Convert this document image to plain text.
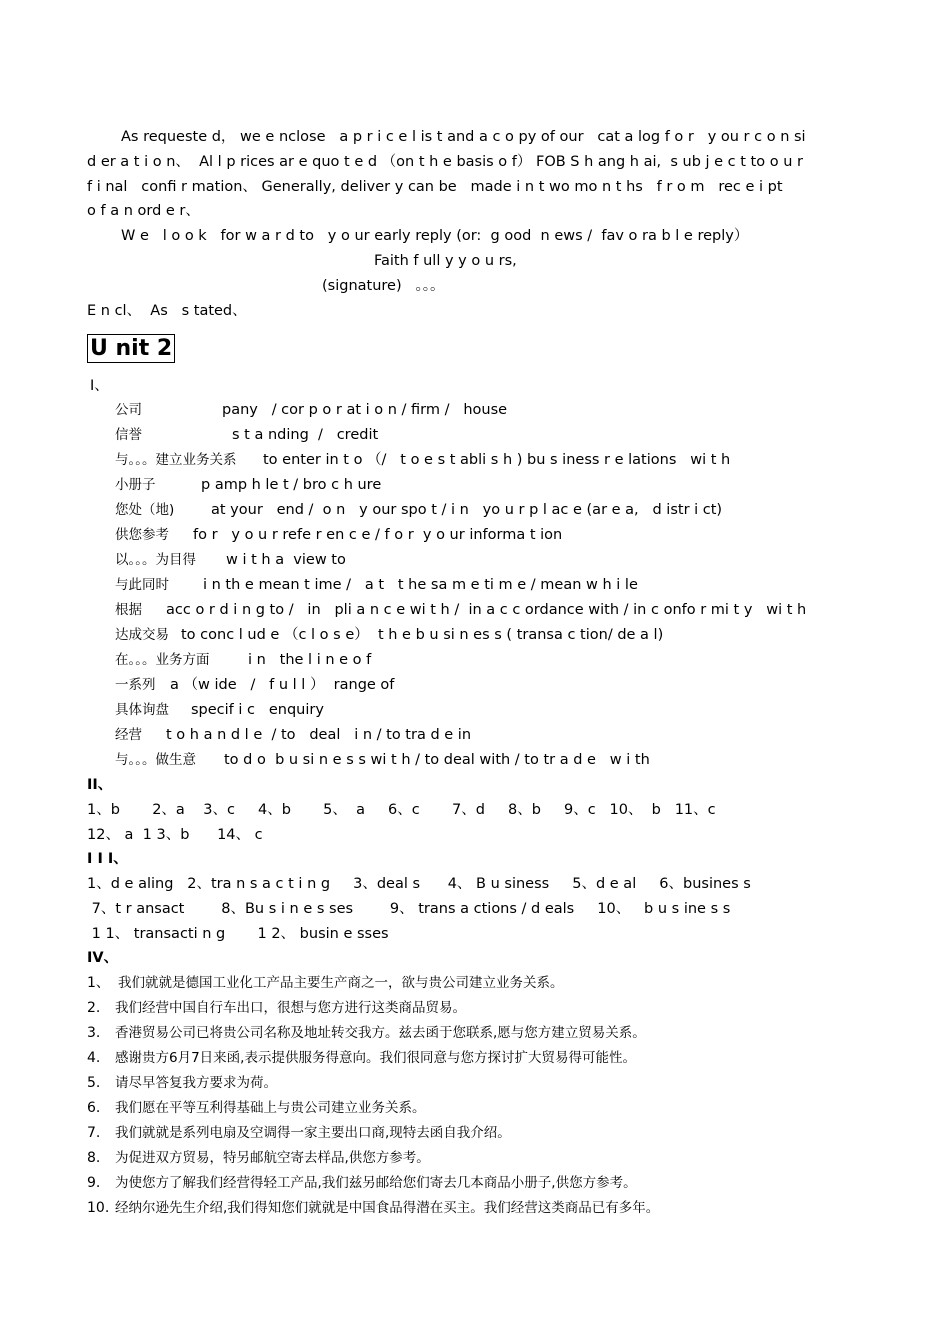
As requeste d， we e nclose   a p r i c e l is t and a c o py of our   cat a log f o r   y ou r c o n si
d er a t i o n、  Al l p rices ar e quo t e d （on t h e basis o f） FOB S h ang h ai,  s ub j e c t to o u r
f i nal   confi r mation、 Generally, deliver y can be   made i n t wo mo n t hs   f r o m   rec e i pt
o f a n ord e r、
W e   l o o k   for w a r d to   y o ur early reply (or:  g ood  n ews /  fav o ra b l e reply）
Faith f ull y y o u rs,
(signature)   。。。
E n cl、  As   s tated、
U nit 2
Ⅰ、
公司	pany   / cor p o r at i o n / firm /   house
信誉	s t a nding  /   credit
与。。。建立业务关系 to enter in t o （/   t o e s t abli s h ) bu s iness r e lations   wi t h
小册子	p amp h le t / bro c h ure
您处（地)	at your   end /  o n   y our spo t / i n   yo u r p l ac e (ar e a,   d istr i ct)
供您参考 fo r   y o u r refe r en c e / f o r  y o ur informa t ion
以。。。为目得 w i t h a  view to
与此同时 i n th e mean t ime /   a t   t he sa m e ti m e / mean w h i le
根据 acc o r d i n g to /   in   pli a n c e wi t h /  in a c c ordance with / in c onfo r mi t y   wi t h
达成交易 to conc l ud e （c l o s e）  t h e b u si n es s ( transa c tion/ de a l)
在。。。业务方面	i n   the l i n e o f
一系列 a （w ide   /   f u l l ）  range of
具体询盘 specif i c   enquiry
经营 t o h a n d l e  / to   deal   i n / to tra d e in
与。。。做生意 to d o  b u si n e s s wi t h / to deal with / to tr a d e   w i th
II、
1、b       2、a    3、c     4、b       5、  a     6、c       7、d     8、b     9、c   10、  b   11、c
12、 a  1 3、b      14、 c
I I I、
1、d e aling   2、tra n s a c t i n g     3、deal s      4、 B u siness     5、d e al     6、busines s
7、t r ansact        8、Bu s i n e s ses        9、 trans a ctions / d eals     10、   b u s ine s s
1 1、 transacti n g       1 2、 busin e sses
IV、
1、 我们就就是德国工业化工产品主要生产商之一，欲与贵公司建立业务关系。
2. 我们经营中国自行车出口，很想与您方进行这类商品贸易。
3. 香港贸易公司已将贵公司名称及地址转交我方。兹去函于您联系,愿与您方建立贸易关系。
4. 感谢贵方6月7日来函,表示提供服务得意向。我们很同意与您方探讨扩大贸易得可能性。
5. 请尽早答复我方要求为荷。
6. 我们愿在平等互利得基础上与贵公司建立业务关系。
7. 我们就就是系列电扇及空调得一家主要出口商,现特去函自我介绍。
8. 为促进双方贸易，特另邮航空寄去样品,供您方参考。
9. 为使您方了解我们经营得轻工产品,我们兹另邮给您们寄去几本商品小册子,供您方参考。
10. 经纳尔逊先生介绍,我们得知您们就就是中国食品得潜在买主。我们经营这类商品已有多年。
